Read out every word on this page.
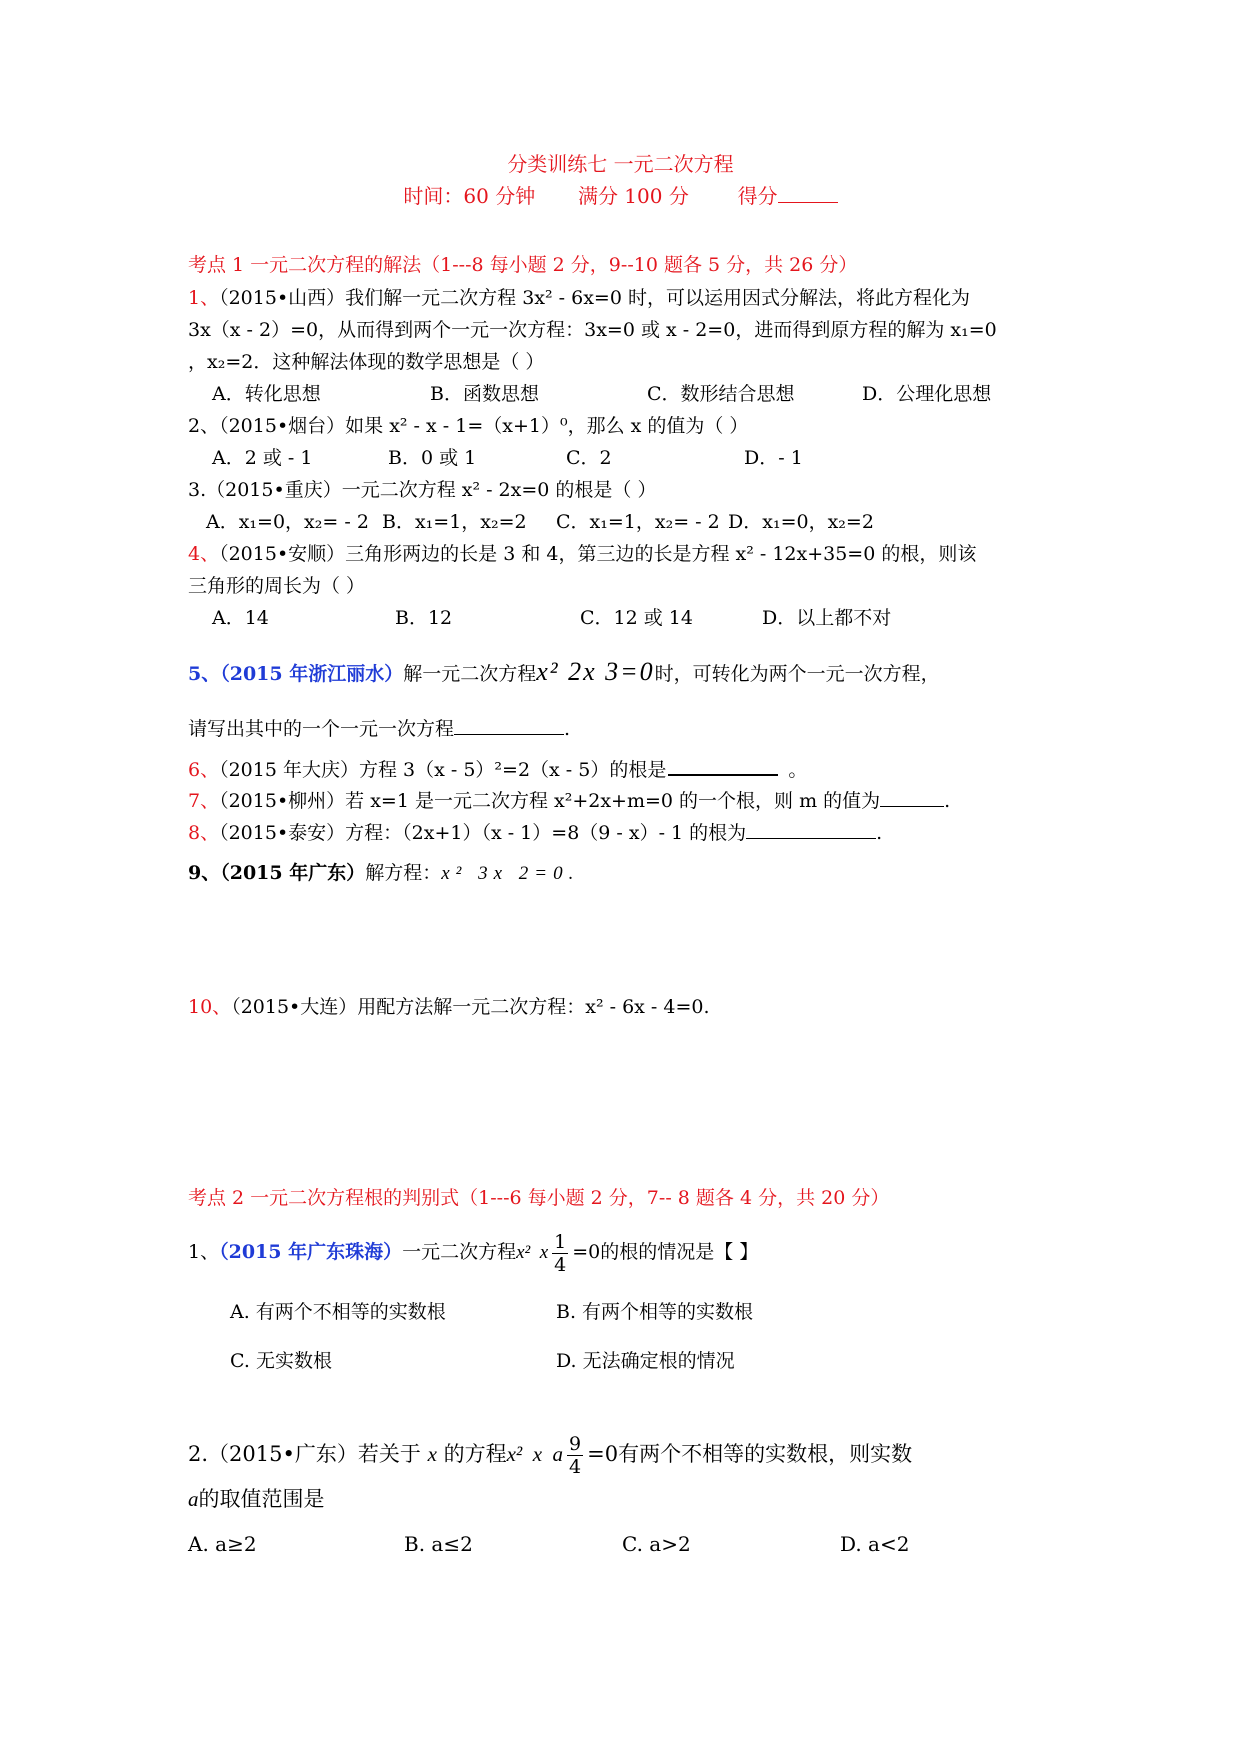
分类训练七 一元二次方程
时间：60 分钟 满分 100 分 得分
考点 1 一元二次方程的解法（1---8 每小题 2 分，9--10 题各 5 分，共 26 分）
1、（2015•山西）我们解一元二次方程 3x² - 6x=0 时，可以运用因式分解法，将此方程化为
3x（x - 2）=0，从而得到两个一元一次方程：3x=0 或 x - 2=0，进而得到原方程的解为 x₁=0
，x₂=2．这种解法体现的数学思想是（ ）
A．转化思想	B．函数思想	C．数形结合思想	D．公理化思想
2、（2015•烟台）如果 x² - x - 1=（x+1）⁰，那么 x 的值为（ ）
A．2 或 - 1	B．0 或 1	C．2	D．- 1
3.（2015•重庆）一元二次方程 x² - 2x=0 的根是（ ）
A．x₁=0，x₂= - 2 B．x₁=1，x₂=2 C．x₁=1，x₂= - 2 D．x₁=0，x₂=2
4、（2015•安顺）三角形两边的长是 3 和 4，第三边的长是方程 x² - 12x+35=0 的根，则该
三角形的周长为（ ）
A．14	B．12	C．12 或 14	D．以上都不对
5、（2015 年浙江丽水）解一元二次方程x² 2x 3=0时，可转化为两个一元一次方程，
请写出其中的一个一元一次方程	.
6、（2015 年大庆）方程 3（x - 5）²=2（x - 5）的根是	。
7、（2015•柳州）若 x=1 是一元二次方程 x²+2x+m=0 的一个根，则 m 的值为	.
8、（2015•泰安）方程：（2x+1）（x - 1）=8（9 - x）- 1 的根为	.
9、（2015 年广东）解方程：x² 3x 2=0.
10、（2015•大连）用配方法解一元二次方程：x² - 6x - 4=0.
考点 2 一元二次方程根的判别式（1---6 每小题 2 分，7-- 8 题各 4 分，共 20 分）
1、（2015 年广东珠海）一元二次方程x²  x $\frac{1}{4} =0$的根的情况是【 】
A. 有两个不相等的实数根	B. 有两个相等的实数根
C. 无实数根	D. 无法确定根的情况
2.（2015•广东）若关于 x 的方程x²  x  a $\frac{9}{4} =0$有两个不相等的实数根，则实数
a的取值范围是
A. a≥2	B. a≤2	C. a>2	D. a<2
